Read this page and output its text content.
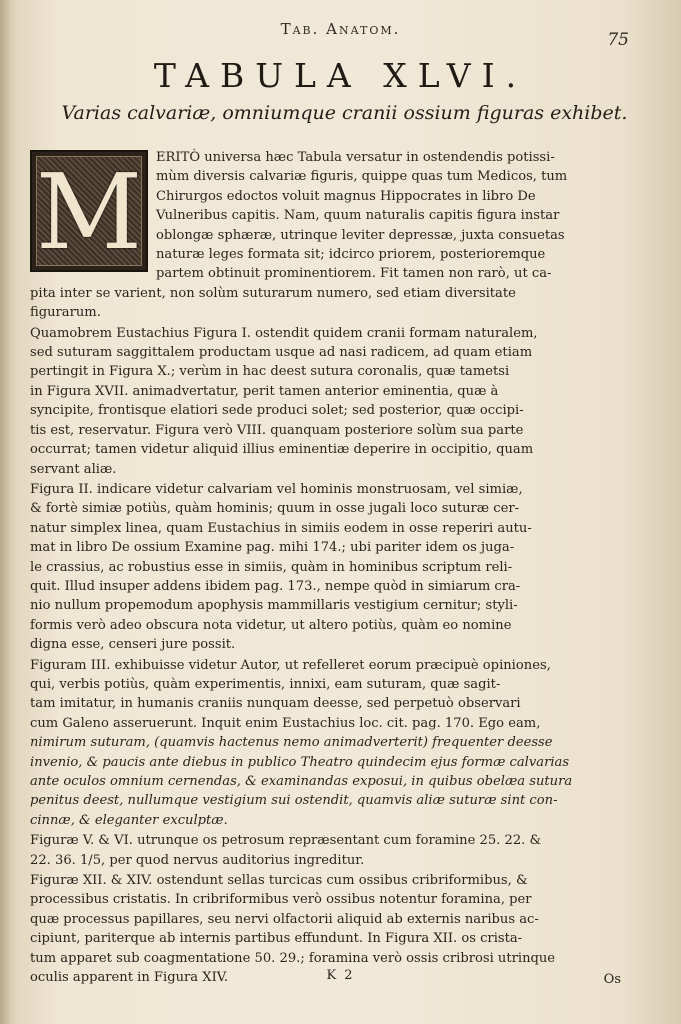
Tab. Anatom.
75
TABULA XLVI.
Varias calvariæ, omniumque cranii ossium figuras exhibet.
M	ERITÒ universa hæc Tabula versatur in ostendendis potissi-
mùm diversis calvariæ figuris, quippe quas tum Medicos, tum
Chirurgos edoctos voluit magnus Hippocrates in libro De
Vulneribus capitis. Nam, quum naturalis capitis figura instar
oblongæ sphæræ, utrinque leviter depressæ, juxta consuetas
naturæ leges formata sit; idcirco priorem, posterioremque
partem obtinuit prominentiorem. Fit tamen non rarò, ut ca-
pita inter se varient, non solùm suturarum numero, sed etiam diversitate
figurarum.
Quamobrem Eustachius Figura I. ostendit quidem cranii formam naturalem,
sed suturam saggittalem productam usque ad nasi radicem, ad quam etiam
pertingit in Figura X.; verùm in hac deest sutura coronalis, quæ tametsi
in Figura XVII. animadvertatur, perit tamen anterior eminentia, quæ à
syncipite, frontisque elatiori sede produci solet; sed posterior, quæ occipi-
tis est, reservatur. Figura verò VIII. quanquam posteriore solùm sua parte
occurrat; tamen videtur aliquid illius eminentiæ deperire in occipitio, quam
servant aliæ.
Figura II. indicare videtur calvariam vel hominis monstruosam, vel simiæ,
& fortè simiæ potiùs, quàm hominis; quum in osse jugali loco suturæ cer-
natur simplex linea, quam Eustachius in simiis eodem in osse reperiri autu-
mat in libro De ossium Examine pag. mihi 174.; ubi pariter idem os juga-
le crassius, ac robustius esse in simiis, quàm in hominibus scriptum reli-
quit. Illud insuper addens ibidem pag. 173., nempe quòd in simiarum cra-
nio nullum propemodum apophysis mammillaris vestigium cernitur; styli-
formis verò adeo obscura nota videtur, ut altero potiùs, quàm eo nomine
digna esse, censeri jure possit.
Figuram III. exhibuisse videtur Autor, ut refelleret eorum præcipuè opiniones,
qui, verbis potiùs, quàm experimentis, innixi, eam suturam, quæ sagit-
tam imitatur, in humanis craniis nunquam deesse, sed perpetuò observari
cum Galeno asseruerunt. Inquit enim Eustachius loc. cit. pag. 170. Ego eam,
nimirum suturam, (quamvis hactenus nemo animadverterit) frequenter deesse
invenio, & paucis ante diebus in publico Theatro quindecim ejus formæ calvarias
ante oculos omnium cernendas, & examinandas exposui, in quibus obelæa sutura
penitus deest, nullumque vestigium sui ostendit, quamvis aliæ suturæ sint con-
cinnæ, & eleganter exculptæ.
Figuræ V. & VI. utrunque os petrosum repræsentant cum foramine 25. 22. &
22. 36. 1/5, per quod nervus auditorius ingreditur.
Figuræ XII. & XIV. ostendunt sellas turcicas cum ossibus cribriformibus, &
processibus cristatis. In cribriformibus verò ossibus notentur foramina, per
quæ processus papillares, seu nervi olfactorii aliquid ab externis naribus ac-
cipiunt, pariterque ab internis partibus effundunt. In Figura XII. os crista-
tum apparet sub coagmentatione 50. 29.; foramina verò ossis cribrosi utrinque
oculis apparent in Figura XIV.	K 2	Os
